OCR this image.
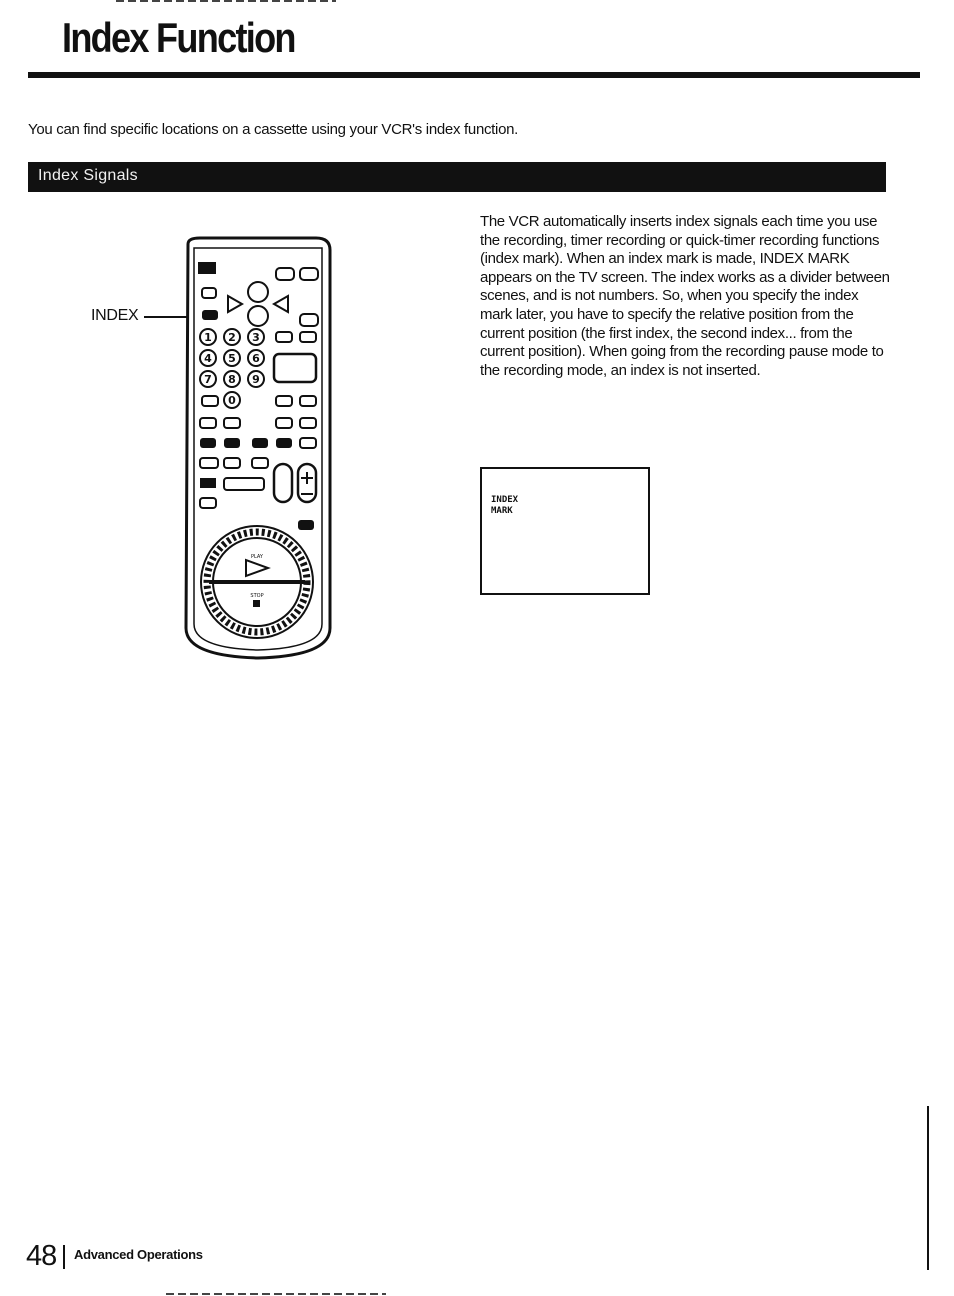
Index Function
You can find specific locations on a cassette using your VCR's index function.
Index Signals
INDEX
1 2 3
4 5 6
7 8 9
0
PLAY
STOP

The VCR automatically inserts index signals each time you use the recording, timer recording or quick-timer recording functions (index mark). When an index mark is made, INDEX MARK appears on the TV screen. The index works as a divider between scenes, and is not numbers. So, when you specify the index mark later, you have to specify the relative position from the current position (the first index, the second index... from the current position). When going from the recording pause mode to the recording mode, an index is not inserted.

INDEX
MARK
48 Advanced Operations
